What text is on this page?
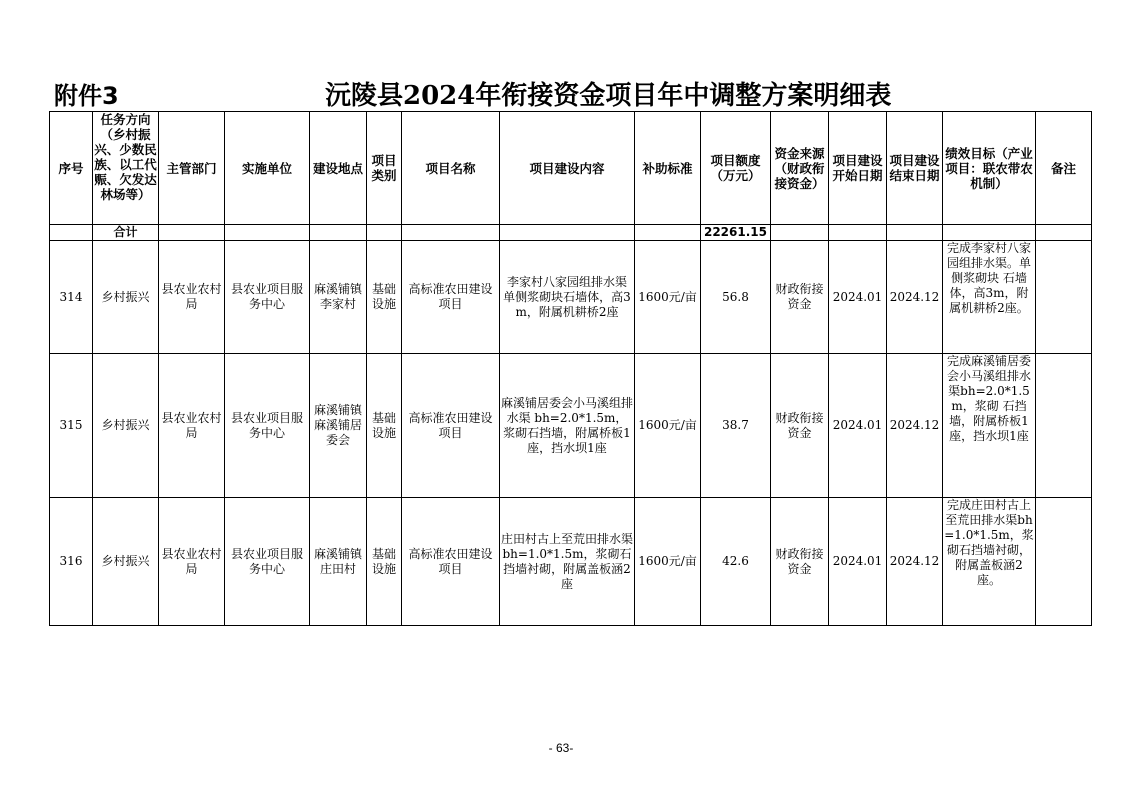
附件3	沅陵县2024年衔接资金项目年中调整方案明细表
序号	任务方向（乡村振兴、少数民族、以工代赈、欠发达林场等）	主管部门	实施单位	建设地点	项目类别	项目名称	项目建设内容	补助标准	项目额度（万元）	资金来源（财政衔接资金）	项目建设开始日期	项目建设结束日期	绩效目标（产业项目：联农带农机制）	备注
	合计								22261.15					
314	乡村振兴	县农业农村局	县农业项目服务中心	麻溪铺镇李家村	基础设施	高标准农田建设项目	李家村八家园组排水渠 单侧浆砌块石墙体，高3m，附属机耕桥2座	1600元/亩	56.8	财政衔接资金	2024.01	2024.12	完成李家村八家园组排水渠。单侧浆砌块 石墙体，高3m，附属机耕桥2座。	
315	乡村振兴	县农业农村局	县农业项目服务中心	麻溪铺镇麻溪铺居委会	基础设施	高标准农田建设项目	麻溪铺居委会小马溪组排水渠 bh=2.0*1.5m，浆砌石挡墙，附属桥板1座，挡水坝1座	1600元/亩	38.7	财政衔接资金	2024.01	2024.12	完成麻溪铺居委会小马溪组排水渠bh=2.0*1.5m，浆砌 石挡墙，附属桥板1座，挡水坝1座	
316	乡村振兴	县农业农村局	县农业项目服务中心	麻溪铺镇庄田村	基础设施	高标准农田建设项目	庄田村古上至荒田排水渠 bh=1.0*1.5m，浆砌石挡墙衬砌，附属盖板涵2座	1600元/亩	42.6	财政衔接资金	2024.01	2024.12	完成庄田村古上至荒田排水渠bh=1.0*1.5m，浆 砌石挡墙衬砌，附属盖板涵2座。	
- 63-
